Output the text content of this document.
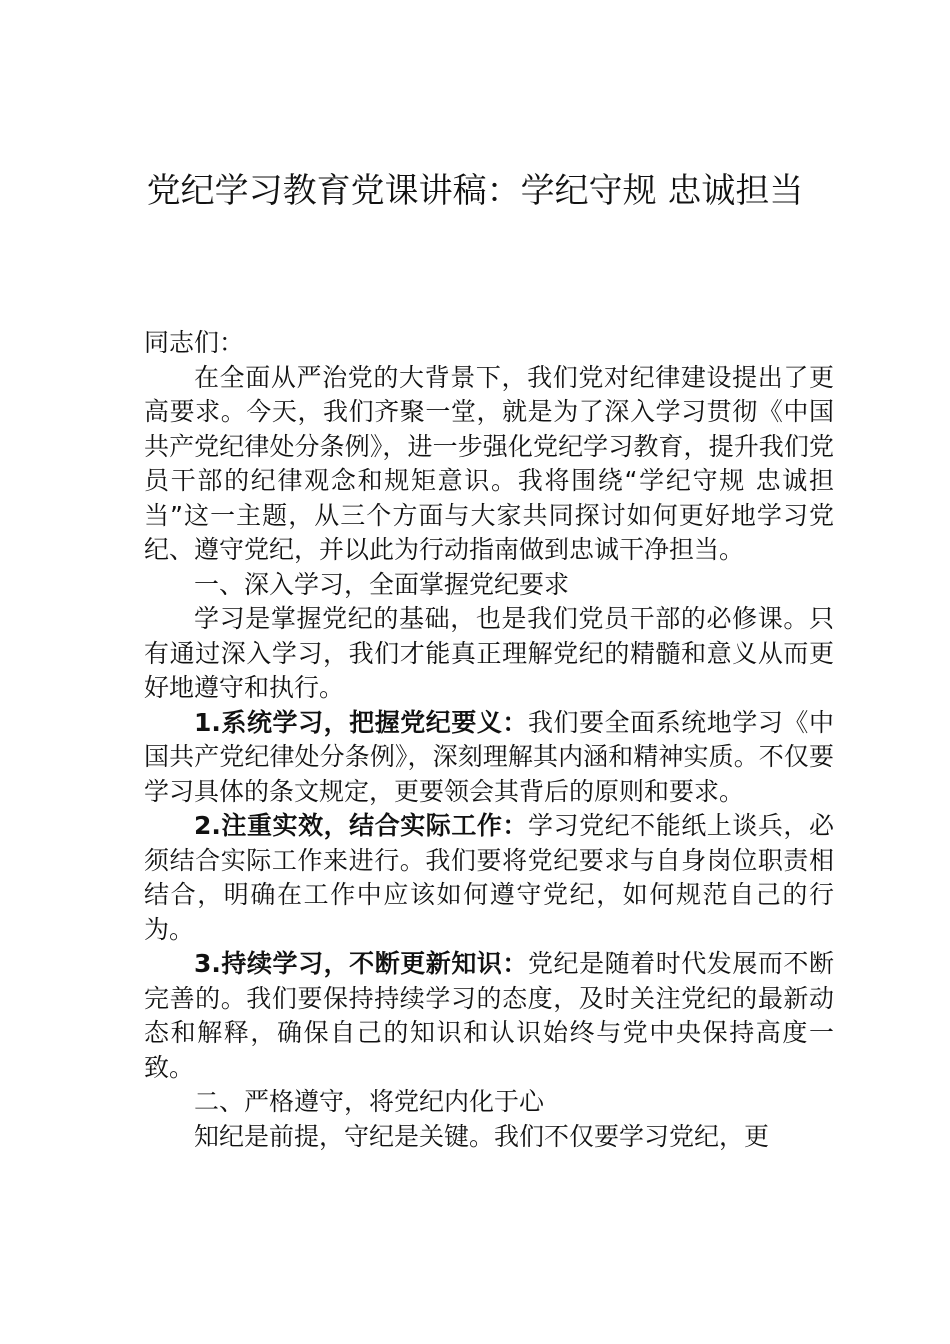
党纪学习教育党课讲稿：学纪守规 忠诚担当

同志们：

在全面从严治党的大背景下，我们党对纪律建设提出了更高要求。今天，我们齐聚一堂，就是为了深入学习贯彻《中国共产党纪律处分条例》，进一步强化党纪学习教育，提升我们党员干部的纪律观念和规矩意识。我将围绕“学纪守规 忠诚担当”这一主题，从三个方面与大家共同探讨如何更好地学习党纪、遵守党纪，并以此为行动指南做到忠诚干净担当。

一、深入学习，全面掌握党纪要求

学习是掌握党纪的基础，也是我们党员干部的必修课。只有通过深入学习，我们才能真正理解党纪的精髓和意义从而更好地遵守和执行。

1.系统学习，把握党纪要义：我们要全面系统地学习《中国共产党纪律处分条例》，深刻理解其内涵和精神实质。不仅要学习具体的条文规定，更要领会其背后的原则和要求。

2.注重实效，结合实际工作：学习党纪不能纸上谈兵，必须结合实际工作来进行。我们要将党纪要求与自身岗位职责相结合，明确在工作中应该如何遵守党纪，如何规范自己的行为。

3.持续学习，不断更新知识：党纪是随着时代发展而不断完善的。我们要保持持续学习的态度，及时关注党纪的最新动态和解释，确保自己的知识和认识始终与党中央保持高度一致。

二、严格遵守，将党纪内化于心

知纪是前提，守纪是关键。我们不仅要学习党纪，更
